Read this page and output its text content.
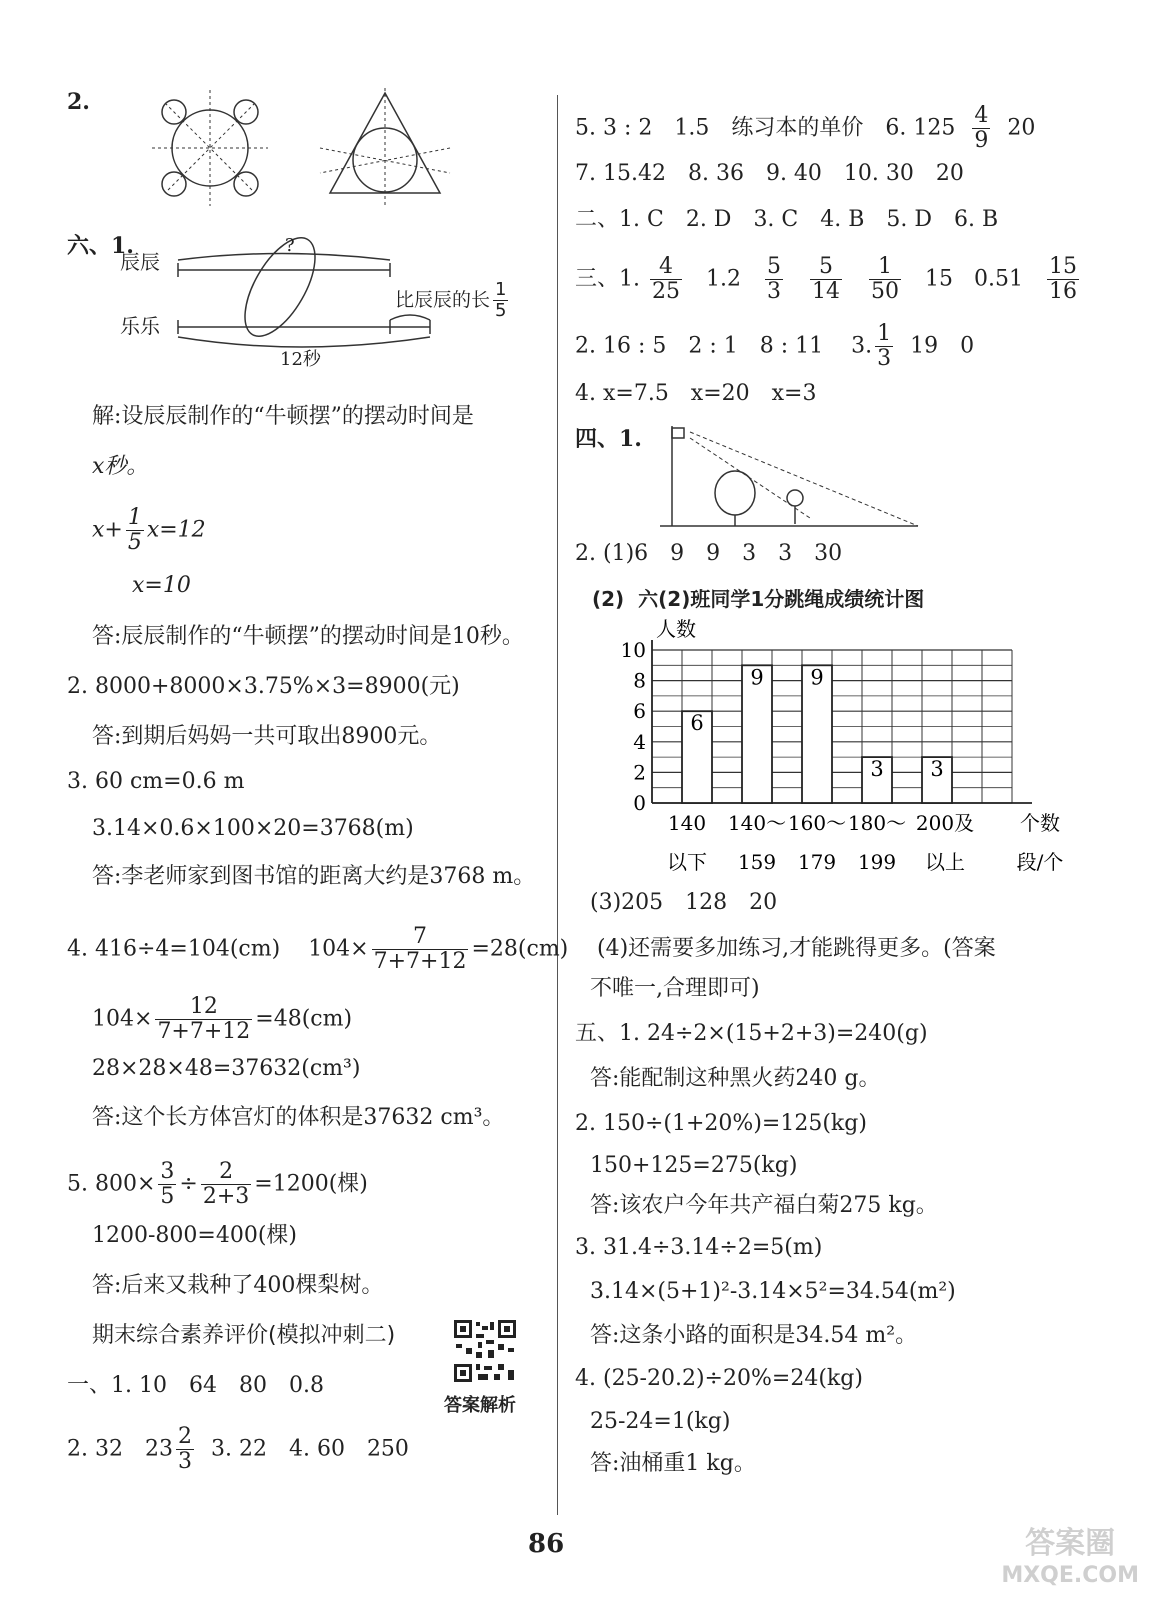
2.
六、1.
辰辰
乐乐
?
比辰辰的长 $\frac{1}{5}$
12秒
解:设辰辰制作的“牛顿摆”的摆动时间是
x秒。
$x+ \frac{1}{5} x=12$
x=10
答:辰辰制作的“牛顿摆”的摆动时间是10秒。
2. 8000+8000×3.75%×3=8900(元)
答:到期后妈妈一共可取出8900元。
3. 60 cm=0.6 m
3.14×0.6×100×20=3768(m)
答:李老师家到图书馆的距离大约是3768 m。
4. 416÷4=104(cm) $104\times \frac{7}{7+7+12} =28(cm)$
$104\times \frac{12}{7+7+12} =48(cm)$
28×28×48=37632(cm³)
答:这个长方体宫灯的体积是37632 cm³。
5. $800\times \frac{3}{5} \div \frac{2}{2+3} =1200$(棵)
1200-800=400(棵)
答:后来又栽种了400棵梨树。
期末综合素养评价(模拟冲刺二)
答案解析
一、1. 10　64　80　0.8
2. 32　$23 \frac{2}{3} 3$. 22　4. 60　250
5. 3 : 2　1.5　练习本的单价　6. $125 \frac{4}{9} 20$
7. 15.42　8. 36　9. 40　10. 30　20
二、1. C　2. D　3. C　4. B　5. D　6. B
三、1. $\frac{4}{25} 1.2 \frac{5}{3}$
$\frac{5}{14}$
$\frac{1}{50} 15$ $0.51 \frac{15}{16}$
2. 16 : 5　2 : 1　8 : 11 3. $\frac{1}{3} 19$　0
4. x=7.5　x=20　x=3
四、1.
2. (1)6　9　9　3　3　30
(2) 六(2)班同学1分跳绳成绩统计图
人数
0
2
4
6
8
10
6
9 9
3 3
140 140～ 160～ 180～ 200及
以下 159 179 199 以上
个数
段/个
(3)205　128　20
(4)还需要多加练习,才能跳得更多。(答案
不唯一,合理即可)
五、1. 24÷2×(15+2+3)=240(g)
答:能配制这种黑火药240 g。
2. 150÷(1+20%)=125(kg)
150+125=275(kg)
答:该农户今年共产福白菊275 kg。
3. 31.4÷3.14÷2=5(m)
3.14×(5+1)²-3.14×5²=34.54(m²)
答:这条小路的面积是34.54 m²。
4. (25-20.2)÷20%=24(kg)
25-24=1(kg)
答:油桶重1 kg。
86	答案圈
MXQE.COM
